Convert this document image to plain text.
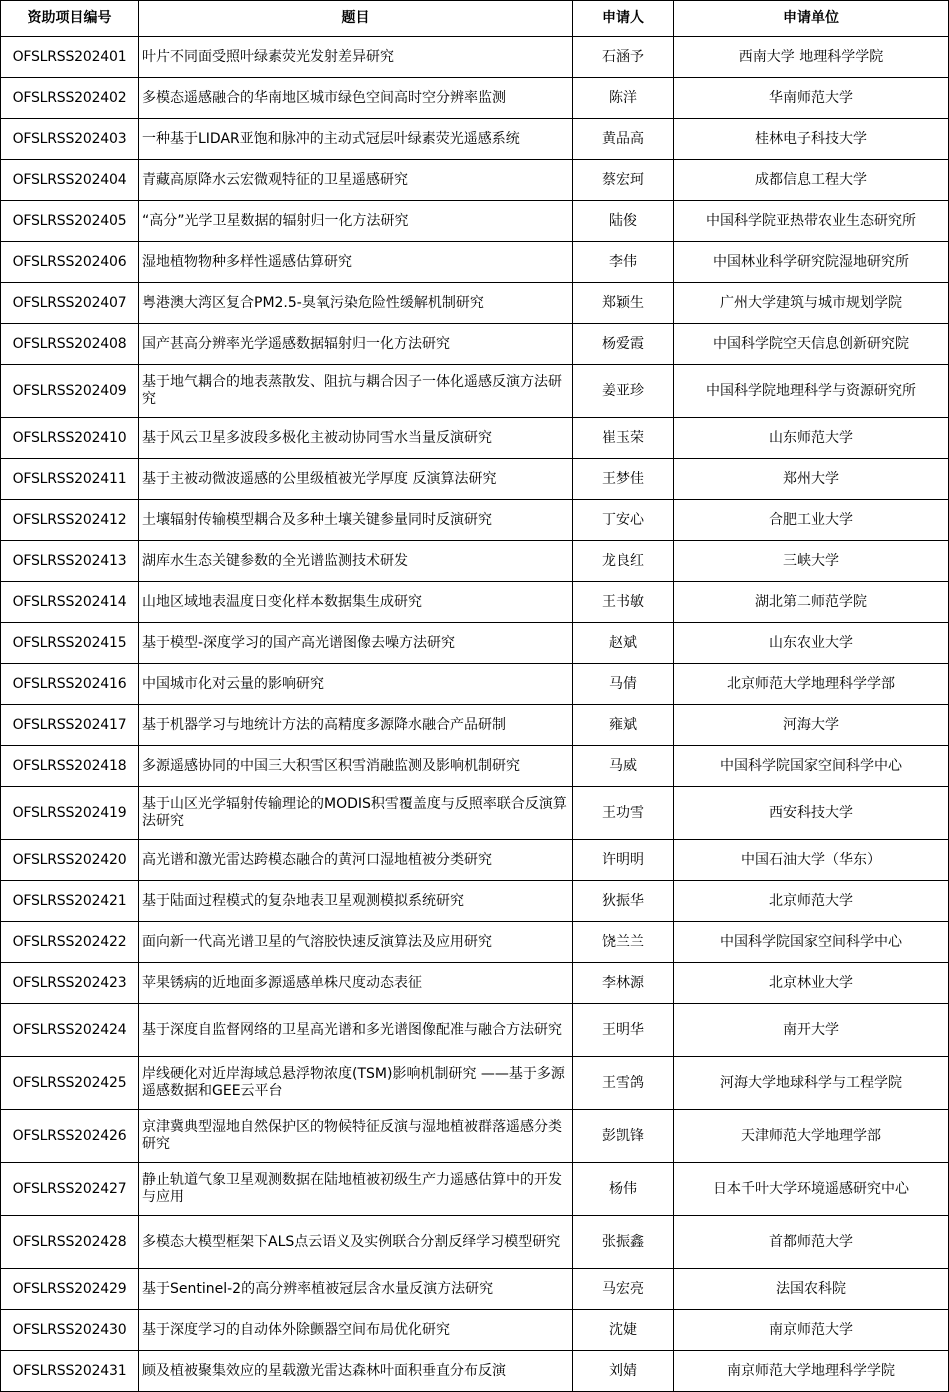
资助项目编号	题目	申请人	申请单位
OFSLRSS202401	叶片不同面受照叶绿素荧光发射差异研究	石涵予	西南大学 地理科学学院
OFSLRSS202402	多模态遥感融合的华南地区城市绿色空间高时空分辨率监测	陈洋	华南师范大学
OFSLRSS202403	一种基于LIDAR亚饱和脉冲的主动式冠层叶绿素荧光遥感系统	黄品高	桂林电子科技大学
OFSLRSS202404	青藏高原降水云宏微观特征的卫星遥感研究	蔡宏珂	成都信息工程大学
OFSLRSS202405	“高分”光学卫星数据的辐射归一化方法研究	陆俊	中国科学院亚热带农业生态研究所
OFSLRSS202406	湿地植物物种多样性遥感估算研究	李伟	中国林业科学研究院湿地研究所
OFSLRSS202407	粤港澳大湾区复合PM2.5-臭氧污染危险性缓解机制研究	郑颖生	广州大学建筑与城市规划学院
OFSLRSS202408	国产甚高分辨率光学遥感数据辐射归一化方法研究	杨爱霞	中国科学院空天信息创新研究院
OFSLRSS202409	基于地气耦合的地表蒸散发、阻抗与耦合因子一体化遥感反演方法研究	姜亚珍	中国科学院地理科学与资源研究所
OFSLRSS202410	基于风云卫星多波段多极化主被动协同雪水当量反演研究	崔玉荣	山东师范大学
OFSLRSS202411	基于主被动微波遥感的公里级植被光学厚度 反演算法研究	王梦佳	郑州大学
OFSLRSS202412	土壤辐射传输模型耦合及多种土壤关键参量同时反演研究	丁安心	合肥工业大学
OFSLRSS202413	湖库水生态关键参数的全光谱监测技术研发	龙良红	三峡大学
OFSLRSS202414	山地区域地表温度日变化样本数据集生成研究	王书敏	湖北第二师范学院
OFSLRSS202415	基于模型-深度学习的国产高光谱图像去噪方法研究	赵斌	山东农业大学
OFSLRSS202416	中国城市化对云量的影响研究	马倩	北京师范大学地理科学学部
OFSLRSS202417	基于机器学习与地统计方法的高精度多源降水融合产品研制	雍斌	河海大学
OFSLRSS202418	多源遥感协同的中国三大积雪区积雪消融监测及影响机制研究	马威	中国科学院国家空间科学中心
OFSLRSS202419	基于山区光学辐射传输理论的MODIS积雪覆盖度与反照率联合反演算法研究	王功雪	西安科技大学
OFSLRSS202420	高光谱和激光雷达跨模态融合的黄河口湿地植被分类研究	许明明	中国石油大学（华东）
OFSLRSS202421	基于陆面过程模式的复杂地表卫星观测模拟系统研究	狄振华	北京师范大学
OFSLRSS202422	面向新一代高光谱卫星的气溶胶快速反演算法及应用研究	饶兰兰	中国科学院国家空间科学中心
OFSLRSS202423	苹果锈病的近地面多源遥感单株尺度动态表征	李林源	北京林业大学
OFSLRSS202424	基于深度自监督网络的卫星高光谱和多光谱图像配准与融合方法研究	王明华	南开大学
OFSLRSS202425	岸线硬化对近岸海域总悬浮物浓度(TSM)影响机制研究 ——基于多源遥感数据和GEE云平台	王雪鸽	河海大学地球科学与工程学院
OFSLRSS202426	京津冀典型湿地自然保护区的物候特征反演与湿地植被群落遥感分类研究	彭凯锋	天津师范大学地理学部
OFSLRSS202427	静止轨道气象卫星观测数据在陆地植被初级生产力遥感估算中的开发与应用	杨伟	日本千叶大学环境遥感研究中心
OFSLRSS202428	多模态大模型框架下ALS点云语义及实例联合分割反绎学习模型研究	张振鑫	首都师范大学
OFSLRSS202429	基于Sentinel-2的高分辨率植被冠层含水量反演方法研究	马宏亮	法国农科院
OFSLRSS202430	基于深度学习的自动体外除颤器空间布局优化研究	沈婕	南京师范大学
OFSLRSS202431	顾及植被聚集效应的星载激光雷达森林叶面积垂直分布反演	刘婧	南京师范大学地理科学学院
